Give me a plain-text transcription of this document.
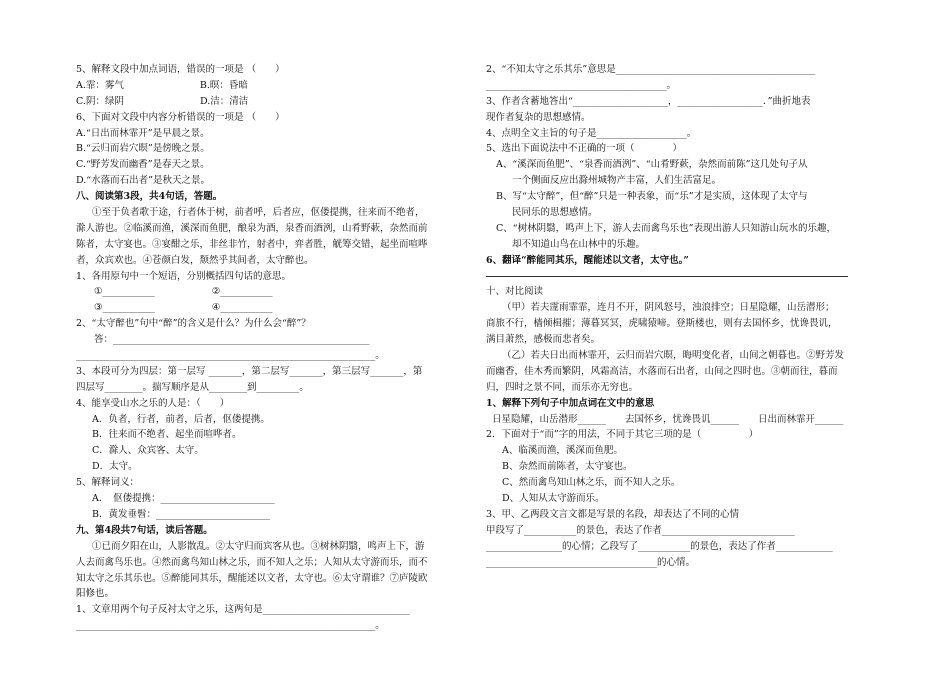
5、解释文段中加点词语，错误的一项是 （　　）
A.霏：雾气　　　　　　　　B.暝：昏暗
C.阴：绿阴　　　　　　　　D.洁：清洁
6、下面对文段中内容分析错误的一项是 （　　）
A.“日出而林霏开”是早晨之景。
B.“云归而岩穴暝”是傍晚之景。
C.“野芳发而幽香”是春天之景。
D.“水落而石出者”是秋天之景。
八、阅读第3段，共4句话，答题。
①至于负者歌于途，行者休于树，前者呼，后者应，伛偻提携，往来而不绝者，
滁人游也。②临溪而渔，溪深而鱼肥，酿泉为酒，泉香而酒洌，山肴野蔌，杂然而前
陈者，太守宴也。③宴酣之乐，非丝非竹，射者中，弈者胜，觥筹交错，起坐而喧哗
者，众宾欢也。④苍颜白发，颓然乎其间者，太守醉也。
1、各用原句中一个短语，分别概括四句话的意思。
①___________　　　　　　②___________
③___________　　　　　　④___________
2、“太守醉也”句中“醉”的含义是什么？为什么会“醉”？
答：______________________________________________________
_______________________________________________________________。
3、本段可分为四层：第一层写 _______，第二层写_______，第三层写_______，第
四层写________。揣写顺序是从________到_________。
4、能享受山水之乐的人是：（　　）
A．负者，行者，前者，后者，伛偻提携。
B．往来而不绝者、起坐而喧哗者。
C．滁人、众宾客、太守。
D．太守。
5、解释词义：
A．　伛偻提携：________________________
B．黄发垂髫：________________________
九、第4段共7句话，读后答题。
①已而夕阳在山，人影散乱。②太守归而宾客从也。③树林阴翳，鸣声上下，游
人去而禽鸟乐也。④然而禽鸟知山林之乐，而不知人之乐；人知从太守游而乐，而不
知太守之乐其乐也。⑤醉能同其乐，醒能述以文者，太守也。⑥太守谓谁？⑦庐陵欧
阳修也。
1、文章用两个句子反衬太守之乐，这两句是_______________________________
_______________________________________________________________。
2、“不知太守之乐其乐”意思是__________________________________________
______________________________________。
3、作者含蓄地答出“____________________，__________________．”曲折地表
现作者复杂的思想感情。
4、点明全文主旨的句子是___________________。
5、选出下面说法中不正确的一项（　　　　）
A、“溪深而鱼肥”、“泉香而酒洌”、“山肴野蔌，杂然而前陈”这几处句子从
一个侧面反应出滁州城物产丰富，人们生活富足。
B、写“太守醉”，但“醉”只是一种表象，而“乐”才是实质，这体现了太守与
民同乐的思想感情。
C、“树林阴翳，鸣声上下，游人去而禽鸟乐也”表现出游人只知游山玩水的乐趣，
却不知道山鸟在山林中的乐趣。
6、翻译“醉能同其乐，醒能述以文者，太守也。”
十、对比阅读
（甲）若夫霪雨霏霏，连月不开，阴风怒号，浊浪排空；日星隐耀，山岳潜形；
商旅不行，樯倾楫摧；薄暮冥冥，虎啸猿啼。登斯楼也，则有去国怀乡，忧谗畏讥，
满目萧然，感极而悲者矣。
（乙）若夫日出而林霏开，云归而岩穴暝，晦明变化者，山间之朝暮也。②野芳发
而幽香，佳木秀而繁阴，风霜高洁，水落而石出者，山间之四时也。③朝而往，暮而
归，四时之景不同，而乐亦无穷也。
1、解释下列句子中加点词在文中的意思
日星隐耀，山岳潜形______　　去国怀乡，忧谗畏讥______　　日出而林霏开______
2．下面对于“而”字的用法，不同于其它三项的是（　　　　　）
A、临溪而渔，溪深而鱼肥。
B、杂然而前陈者，太守宴也。
C、然而禽鸟知山林之乐，而不知人之乐。
D、人知从太守游而乐。
3、甲、乙两段文言文都是写景的名段，却表达了不同的心情
甲段写了___________的景色，表达了作者____________________________
________________的心情；乙段写了___________的景色，表达了作者____________
____________________________________的心情。
